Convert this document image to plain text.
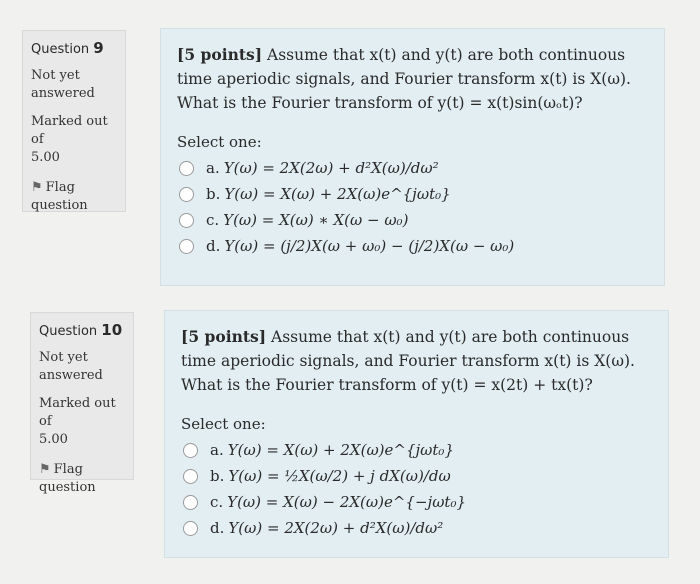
Question 9
Not yet answered
Marked out of
5.00
⚑ Flag question
[5 points] Assume that x(t) and y(t) are both continuous time aperiodic signals, and Fourier transform x(t) is X(ω). What is the Fourier transform of y(t) = x(t)sin(ωₒt)?
Select one:
a. Y(ω) = 2X(2ω) + d²X(ω)/dω²
b. Y(ω) = X(ω) + 2X(ω)e^{jωt₀}
c. Y(ω) = X(ω) ∗ X(ω − ω₀)
d. Y(ω) = (j/2)X(ω + ω₀) − (j/2)X(ω − ω₀)
Question 10
Not yet answered
Marked out of
5.00
⚑ Flag question
[5 points] Assume that x(t) and y(t) are both continuous time aperiodic signals, and Fourier transform x(t) is X(ω). What is the Fourier transform of y(t) = x(2t) + tx(t)?
Select one:
a. Y(ω) = X(ω) + 2X(ω)e^{jωt₀}
b. Y(ω) = ½X(ω/2) + j dX(ω)/dω
c. Y(ω) = X(ω) − 2X(ω)e^{−jωt₀}
d. Y(ω) = 2X(2ω) + d²X(ω)/dω²
